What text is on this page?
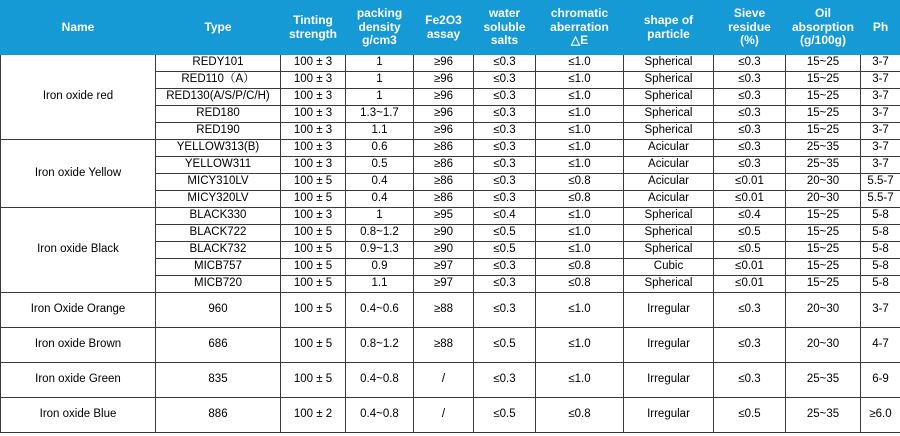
Name	Type	Tinting
strength	packing
density
g/cm3	Fe2O3
assay	water
soluble
salts	chromatic
aberration
△E	shape of
particle	Sieve
residue
(%)	Oil
absorption
(g/100g)	Ph

Iron oxide red	REDY101	100 ± 3	1	≥96	≤0.3	≤1.0	Spherical	≤0.3	15~25	3-7
	RED110（A）	100 ± 3	1	≥96	≤0.3	≤1.0	Spherical	≤0.3	15~25	3-7
	RED130(A/S/P/C/H)	100 ± 3	1	≥96	≤0.3	≤1.0	Spherical	≤0.3	15~25	3-7
	RED180	100 ± 3	1.3~1.7	≥96	≤0.3	≤1.0	Spherical	≤0.3	15~25	3-7
	RED190	100 ± 3	1.1	≥96	≤0.3	≤1.0	Spherical	≤0.3	15~25	3-7
Iron oxide Yellow	YELLOW313(B)	100 ± 3	0.6	≥86	≤0.3	≤1.0	Acicular	≤0.3	25~35	3-7
	YELLOW311	100 ± 3	0.5	≥86	≤0.3	≤1.0	Acicular	≤0.3	25~35	3-7
	MICY310LV	100 ± 5	0.4	≥86	≤0.3	≤0.8	Acicular	≤0.01	20~30	5.5-7
	MICY320LV	100 ± 5	0.4	≥86	≤0.3	≤0.8	Acicular	≤0.01	20~30	5.5-7
Iron oxide Black	BLACK330	100 ± 3	1	≥95	≤0.4	≤1.0	Spherical	≤0.4	15~25	5-8
	BLACK722	100 ± 5	0.8~1.2	≥90	≤0.5	≤1.0	Spherical	≤0.5	15~25	5-8
	BLACK732	100 ± 5	0.9~1.3	≥90	≤0.5	≤1.0	Spherical	≤0.5	15~25	5-8
	MICB757	100 ± 5	0.9	≥97	≤0.3	≤0.8	Cubic	≤0.01	15~25	5-8
	MICB720	100 ± 5	1.1	≥97	≤0.3	≤0.8	Spherical	≤0.01	15~25	5-8
Iron Oxide Orange	960	100 ± 5	0.4~0.6	≥88	≤0.3	≤1.0	Irregular	≤0.3	20~30	3-7
Iron oxide Brown	686	100 ± 5	0.8~1.2	≥88	≤0.5	≤1.0	Irregular	≤0.3	20~30	4-7
Iron oxide Green	835	100 ± 5	0.4~0.8	/	≤0.3	≤1.0	Irregular	≤0.3	25~35	6-9
Iron oxide Blue	886	100 ± 2	0.4~0.8	/	≤0.5	≤0.8	Irregular	≤0.5	25~35	≥6.0
